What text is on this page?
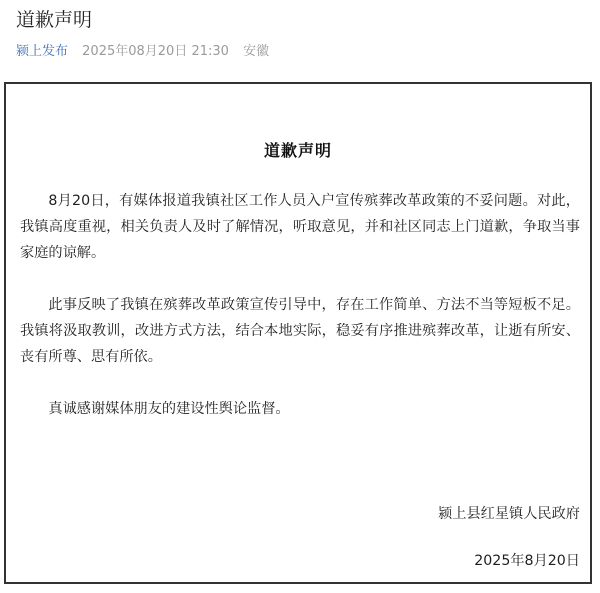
道歉声明
颍上发布 2025年08月20日 21:30 安徽
道歉声明

8月20日，有媒体报道我镇社区工作人员入户宣传殡葬改革政策的不妥问题。对此，我镇高度重视，相关负责人及时了解情况，听取意见，并和社区同志上门道歉，争取当事家庭的谅解。

此事反映了我镇在殡葬改革政策宣传引导中，存在工作简单、方法不当等短板不足。我镇将汲取教训，改进方式方法，结合本地实际，稳妥有序推进殡葬改革，让逝有所安、丧有所尊、思有所依。

真诚感谢媒体朋友的建设性舆论监督。

颍上县红星镇人民政府
2025年8月20日
